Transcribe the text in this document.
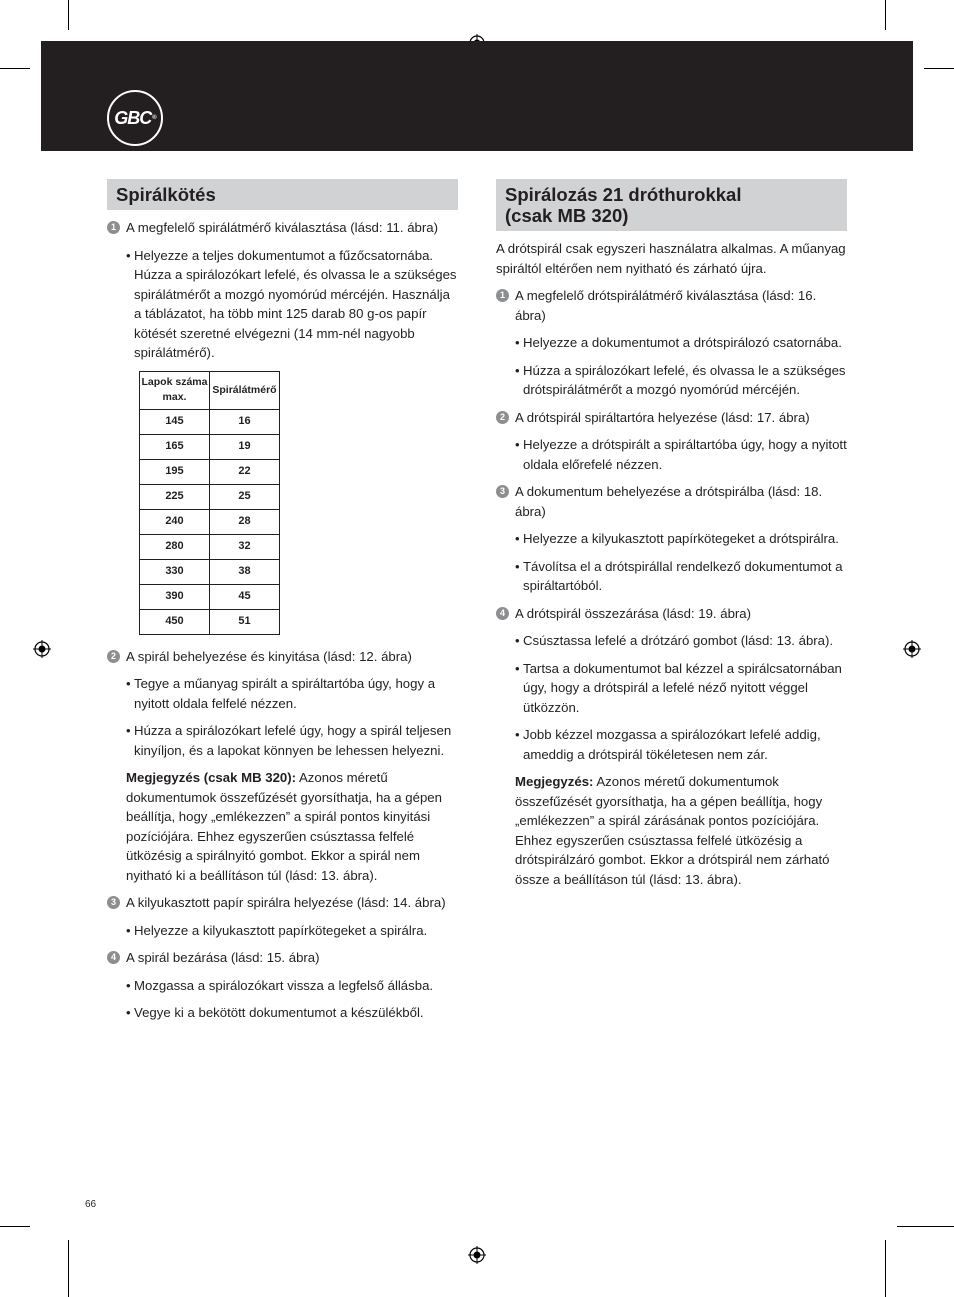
GBC ®
Spirálkötés
1 A megfelelő spirálátmérő kiválasztása (lásd: 11. ábra)
• Helyezze a teljes dokumentumot a fűzőcsatornába. Húzza a spirálozókart lefelé, és olvassa le a szükséges spirálátmérőt a mozgó nyomórúd mércéjén. Használja a táblázatot, ha több mint 125 darab 80 g-os papír kötését szeretné elvégezni (14 mm-nél nagyobb spirálátmérő).
Lapok száma
max.	Spirálátmérő
145	16
165	19
195	22
225	25
240	28
280	32
330	38
390	45
450	51
2 A spirál behelyezése és kinyitása (lásd: 12. ábra)
• Tegye a műanyag spirált a spiráltartóba úgy, hogy a nyitott oldala felfelé nézzen.
• Húzza a spirálozókart lefelé úgy, hogy a spirál teljesen kinyíljon, és a lapokat könnyen be lehessen helyezni.
Megjegyzés (csak MB 320): Azonos méretű dokumentumok összefűzését gyorsíthatja, ha a gépen beállítja, hogy „emlékezzen” a spirál pontos kinyitási pozíciójára. Ehhez egyszerűen csúsztassa felfelé ütközésig a spirálnyitó gombot. Ekkor a spirál nem nyitható ki a beállításon túl (lásd: 13. ábra).
3 A kilyukasztott papír spirálra helyezése (lásd: 14. ábra)
• Helyezze a kilyukasztott papírkötegeket a spirálra.
4 A spirál bezárása (lásd: 15. ábra)
• Mozgassa a spirálozókart vissza a legfelső állásba.
• Vegye ki a bekötött dokumentumot a készülékből.
Spirálozás 21 dróthurokkal
(csak MB 320)
A drótspirál csak egyszeri használatra alkalmas. A műanyag spiráltól eltérően nem nyitható és zárható újra.
1 A megfelelő drótspirálátmérő kiválasztása (lásd: 16. ábra)
• Helyezze a dokumentumot a drótspirálozó csatornába.
• Húzza a spirálozókart lefelé, és olvassa le a szükséges drótspirálátmérőt a mozgó nyomórúd mércéjén.
2 A drótspirál spiráltartóra helyezése (lásd: 17. ábra)
• Helyezze a drótspirált a spiráltartóba úgy, hogy a nyitott oldala előrefelé nézzen.
3 A dokumentum behelyezése a drótspirálba (lásd: 18. ábra)
• Helyezze a kilyukasztott papírkötegeket a drótspirálra.
• Távolítsa el a drótspirállal rendelkező dokumentumot a spiráltartóból.
4 A drótspirál összezárása (lásd: 19. ábra)
• Csúsztassa lefelé a drótzáró gombot (lásd: 13. ábra).
• Tartsa a dokumentumot bal kézzel a spirálcsatornában úgy, hogy a drótspirál a lefelé néző nyitott véggel ütközzön.
• Jobb kézzel mozgassa a spirálozókart lefelé addig, ameddig a drótspirál tökéletesen nem zár.
Megjegyzés: Azonos méretű dokumentumok összefűzését gyorsíthatja, ha a gépen beállítja, hogy „emlékezzen” a spirál zárásának pontos pozíciójára. Ehhez egyszerűen csúsztassa felfelé ütközésig a drótspirálzáró gombot. Ekkor a drótspirál nem zárható össze a beállításon túl (lásd: 13. ábra).
66
